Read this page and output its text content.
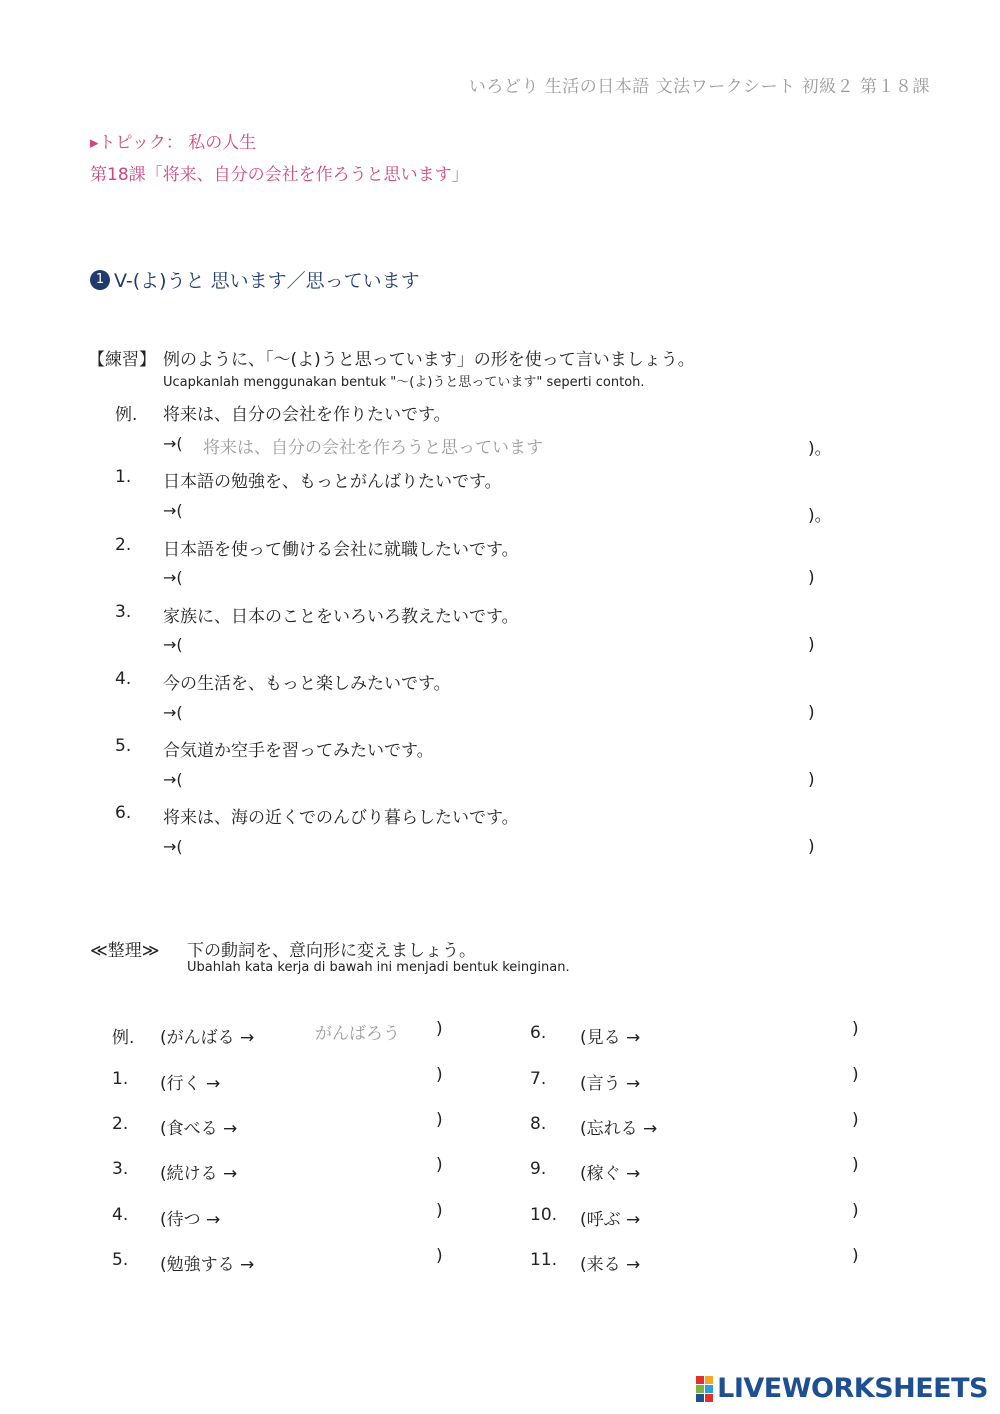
いろどり 生活の日本語 文法ワークシート 初級２ 第１８課
▸トピック： 私の人生
第18課「将来、自分の会社を作ろうと思います」
1 V-(よ)うと 思います／思っています
【練習】 例のように、「～(よ)うと思っています」の形を使って言いましょう。
Ucapkanlah menggunakan bentuk "～(よ)うと思っています" seperti contoh.
例. 将来は、自分の会社を作りたいです。
→( 将来は、自分の会社を作ろうと思っています	)。
1. 日本語の勉強を、もっとがんばりたいです。
→(	)。
2. 日本語を使って働ける会社に就職したいです。
→(	)
3. 家族に、日本のことをいろいろ教えたいです。
→(	)
4. 今の生活を、もっと楽しみたいです。
→(	)
5. 合気道か空手を習ってみたいです。
→(	)
6. 将来は、海の近くでのんびり暮らしたいです。
→(	)
≪整理≫ 下の動詞を、意向形に変えましょう。
Ubahlah kata kerja di bawah ini menjadi bentuk keinginan.
例. (がんばる →	がんばろう )
1. (行く →	)
2. (食べる →	)
3. (続ける →	)
4. (待つ →	)
5. (勉強する →	)
6. (見る →	)
7. (言う →	)
8. (忘れる →	)
9. (稼ぐ →	)
10. (呼ぶ →	)
11. (来る →	)
LIVEWORKSHEETS
